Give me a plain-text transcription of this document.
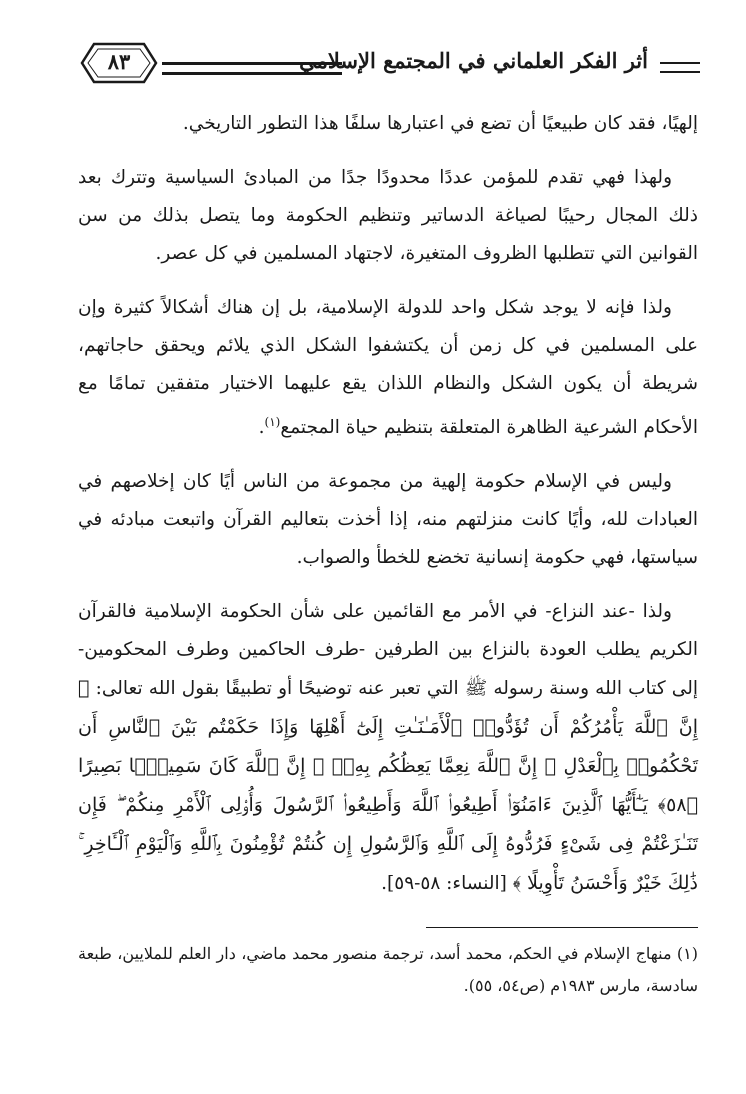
أثر الفكر العلماني في المجتمع الإسلامي
٨٣

إلهيًا، فقد كان طبيعيًا أن تضع في اعتبارها سلفًا هذا التطور التاريخي.

ولهذا فهي تقدم للمؤمن عددًا محدودًا جدًا من المبادئ السياسية وتترك بعد ذلك المجال رحيبًا لصياغة الدساتير وتنظيم الحكومة وما يتصل بذلك من سن القوانين التي تتطلبها الظروف المتغيرة، لاجتهاد المسلمين في كل عصر.

ولذا فإنه لا يوجد شكل واحد للدولة الإسلامية، بل إن هناك أشكالاً كثيرة وإن على المسلمين في كل زمن أن يكتشفوا الشكل الذي يلائم ويحقق حاجاتهم، شريطة أن يكون الشكل والنظام اللذان يقع عليهما الاختيار متفقين تمامًا مع الأحكام الشرعية الظاهرة المتعلقة بتنظيم حياة المجتمع$^{(١)}$.

وليس في الإسلام حكومة إلهية من مجموعة من الناس أيًا كان إخلاصهم في العبادات لله، وأيًا كانت منزلتهم منه، إذا أخذت بتعاليم القرآن واتبعت مبادئه في سياستها، فهي حكومة إنسانية تخضع للخطأ والصواب.

ولذا -عند النزاع- في الأمر مع القائمين على شأن الحكومة الإسلامية فالقرآن الكريم يطلب العودة بالنزاع بين الطرفين -طرف الحاكمين وطرف المحكومين- إلى كتاب الله وسنة رسوله ﷺ التي تعبر عنه توضيحًا أو تطبيقًا بقول الله تعالى: ﴿ إِنَّ ٱللَّهَ يَأْمُرُكُمْ أَن تُؤَدُّوا۟ ٱلْأَمَـٰنَـٰتِ إِلَىٰٓ أَهْلِهَا وَإِذَا حَكَمْتُم بَيْنَ ٱلنَّاسِ أَن تَحْكُمُوا۟ بِٱلْعَدْلِ ۚ إِنَّ ٱللَّهَ نِعِمَّا يَعِظُكُم بِهِۦٓ ۗ إِنَّ ٱللَّهَ كَانَ سَمِيعًۢا بَصِيرًا ﴿٥٨﴾ يَـٰٓأَيُّهَا ٱلَّذِينَ ءَامَنُوٓا۟ أَطِيعُوا۟ ٱللَّهَ وَأَطِيعُوا۟ ٱلرَّسُولَ وَأُو۟لِى ٱلْأَمْرِ مِنكُمْ ۖ فَإِن تَنَـٰزَعْتُمْ فِى شَىْءٍ فَرُدُّوهُ إِلَى ٱللَّهِ وَٱلرَّسُولِ إِن كُنتُمْ تُؤْمِنُونَ بِٱللَّهِ وَٱلْيَوْمِ ٱلْـَٔاخِرِ ۚ ذَٰلِكَ خَيْرٌ وَأَحْسَنُ تَأْوِيلًا ﴾ [النساء: ٥٨-٥٩].

(١) منهاج الإسلام في الحكم، محمد أسد، ترجمة منصور محمد ماضي، دار العلم للملايين، طبعة سادسة، مارس ١٩٨٣م (ص٥٤، ٥٥).
